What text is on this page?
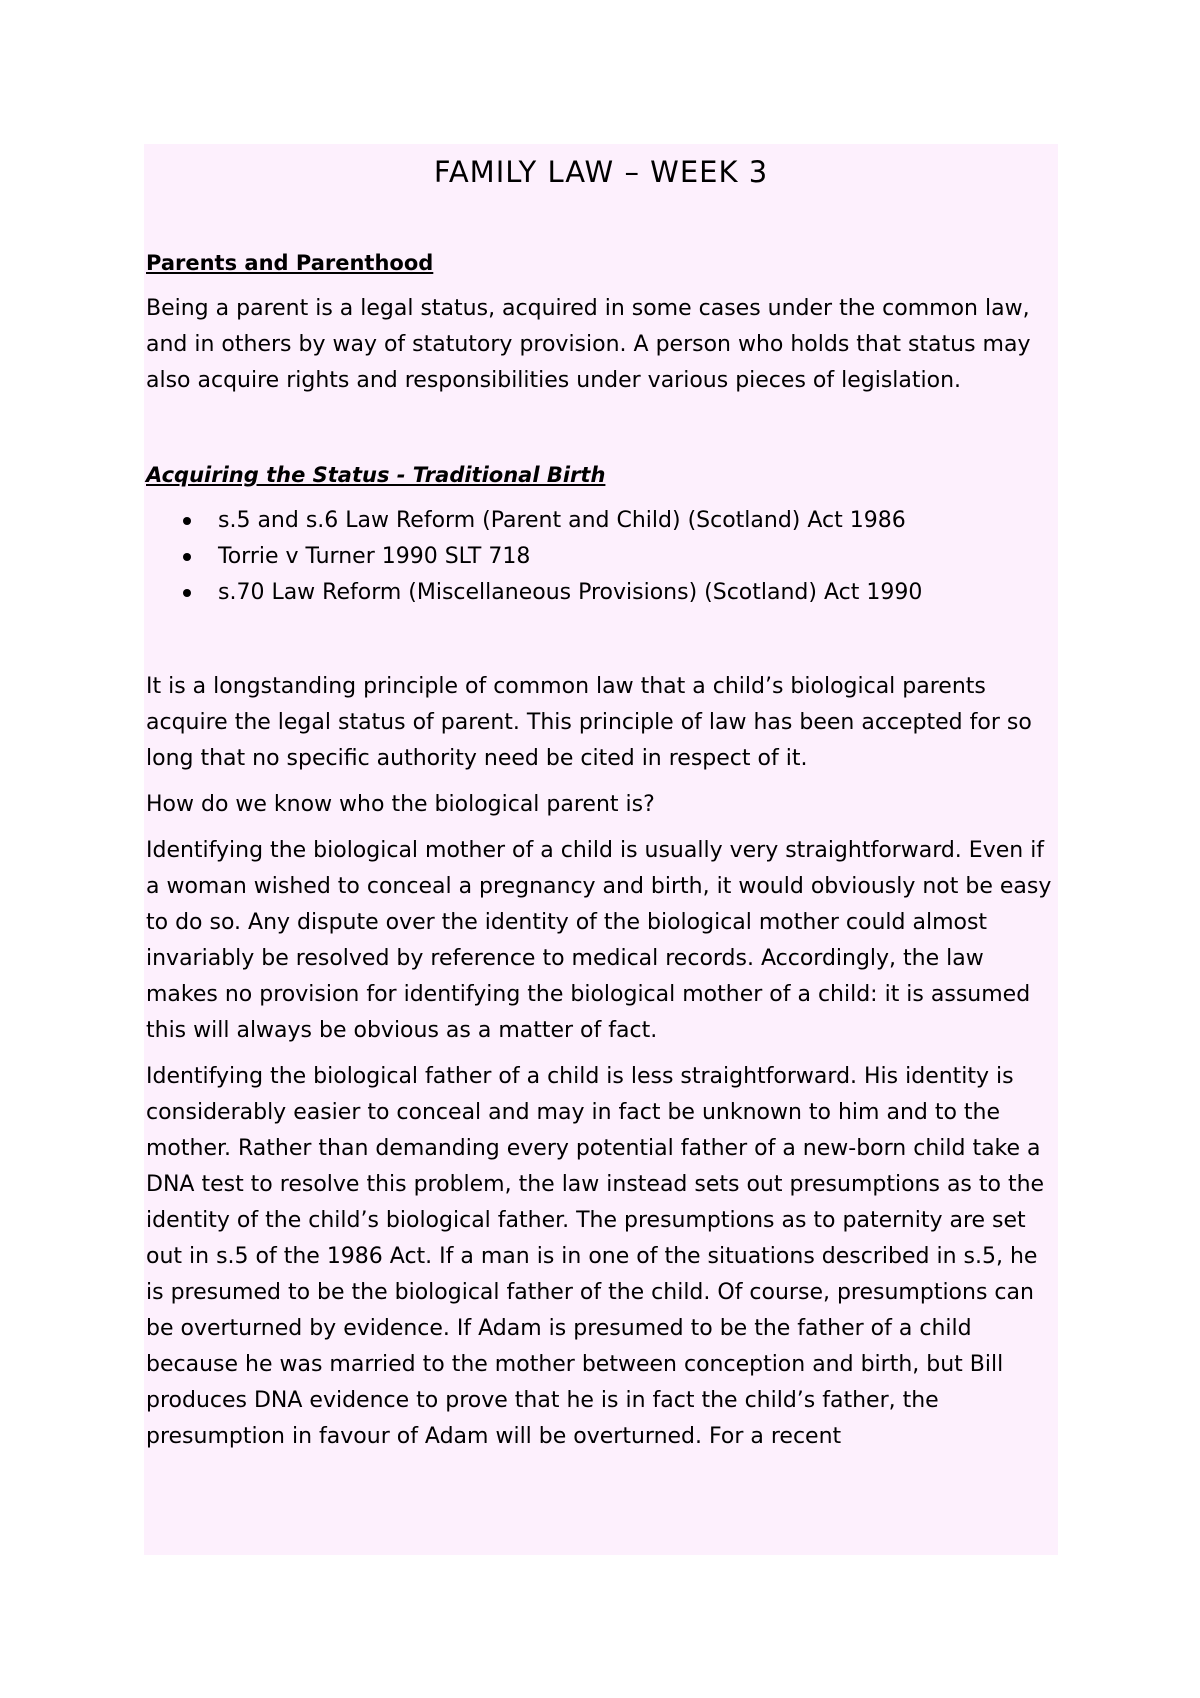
FAMILY LAW – WEEK 3
Parents and Parenthood

Being a parent is a legal status, acquired in some cases under the common law, and in others by way of statutory provision. A person who holds that status may also acquire rights and responsibilities under various pieces of legislation.

Acquiring the Status - Traditional Birth
s.5 and s.6 Law Reform (Parent and Child) (Scotland) Act 1986
Torrie v Turner 1990 SLT 718
s.70 Law Reform (Miscellaneous Provisions) (Scotland) Act 1990

It is a longstanding principle of common law that a child’s biological parents acquire the legal status of parent. This principle of law has been accepted for so long that no specific authority need be cited in respect of it.

How do we know who the biological parent is?

Identifying the biological mother of a child is usually very straightforward. Even if a woman wished to conceal a pregnancy and birth, it would obviously not be easy to do so. Any dispute over the identity of the biological mother could almost invariably be resolved by reference to medical records. Accordingly, the law makes no provision for identifying the biological mother of a child: it is assumed this will always be obvious as a matter of fact.

Identifying the biological father of a child is less straightforward. His identity is considerably easier to conceal and may in fact be unknown to him and to the mother. Rather than demanding every potential father of a new-born child take a DNA test to resolve this problem, the law instead sets out presumptions as to the identity of the child’s biological father. The presumptions as to paternity are set out in s.5 of the 1986 Act. If a man is in one of the situations described in s.5, he is presumed to be the biological father of the child. Of course, presumptions can be overturned by evidence. If Adam is presumed to be the father of a child because he was married to the mother between conception and birth, but Bill produces DNA evidence to prove that he is in fact the child’s father, the presumption in favour of Adam will be overturned. For a recent
